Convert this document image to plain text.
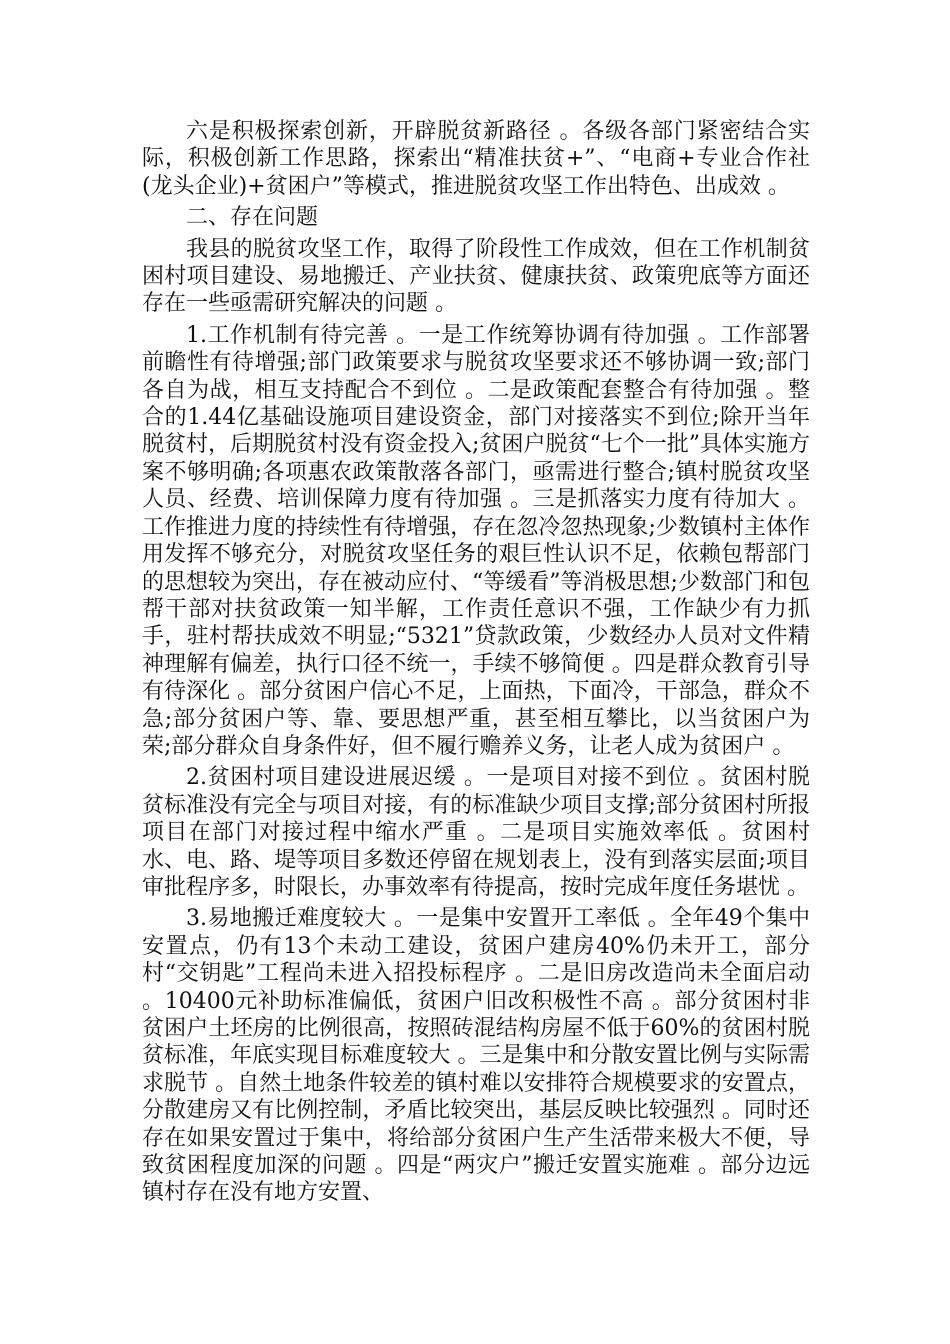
六是积极探索创新，开辟脱贫新路径 。各级各部门紧密结合实际，积极创新工作思路，探索出“精准扶贫+”、“电商+专业合作社(龙头企业)+贫困户”等模式，推进脱贫攻坚工作出特色、出成效 。

二、存在问题

我县的脱贫攻坚工作，取得了阶段性工作成效，但在工作机制贫困村项目建设、易地搬迁、产业扶贫、健康扶贫、政策兜底等方面还存在一些亟需研究解决的问题 。

1.工作机制有待完善 。一是工作统筹协调有待加强 。工作部署前瞻性有待增强;部门政策要求与脱贫攻坚要求还不够协调一致;部门各自为战，相互支持配合不到位 。二是政策配套整合有待加强 。整合的1.44亿基础设施项目建设资金，部门对接落实不到位;除开当年脱贫村，后期脱贫村没有资金投入;贫困户脱贫“七个一批”具体实施方案不够明确;各项惠农政策散落各部门，亟需进行整合;镇村脱贫攻坚人员、经费、培训保障力度有待加强 。三是抓落实力度有待加大 。工作推进力度的持续性有待增强，存在忽冷忽热现象;少数镇村主体作用发挥不够充分，对脱贫攻坚任务的艰巨性认识不足，依赖包帮部门的思想较为突出，存在被动应付、“等缓看”等消极思想;少数部门和包帮干部对扶贫政策一知半解，工作责任意识不强，工作缺少有力抓手，驻村帮扶成效不明显;“5321”贷款政策，少数经办人员对文件精神理解有偏差，执行口径不统一，手续不够简便 。四是群众教育引导有待深化 。部分贫困户信心不足，上面热，下面冷，干部急，群众不急;部分贫困户等、靠、要思想严重，甚至相互攀比，以当贫困户为荣;部分群众自身条件好，但不履行赡养义务，让老人成为贫困户 。

2.贫困村项目建设进展迟缓 。一是项目对接不到位 。贫困村脱贫标准没有完全与项目对接，有的标准缺少项目支撑;部分贫困村所报项目在部门对接过程中缩水严重 。二是项目实施效率低 。贫困村水、电、路、堤等项目多数还停留在规划表上，没有到落实层面;项目审批程序多，时限长，办事效率有待提高，按时完成年度任务堪忧 。

3.易地搬迁难度较大 。一是集中安置开工率低 。全年49个集中安置点，仍有13个未动工建设，贫困户建房40%仍未开工，部分村“交钥匙”工程尚未进入招投标程序 。二是旧房改造尚未全面启动 。10400元补助标准偏低，贫困户旧改积极性不高 。部分贫困村非贫困户土坯房的比例很高，按照砖混结构房屋不低于60%的贫困村脱贫标准，年底实现目标难度较大 。三是集中和分散安置比例与实际需求脱节 。自然土地条件较差的镇村难以安排符合规模要求的安置点，分散建房又有比例控制，矛盾比较突出，基层反映比较强烈 。同时还存在如果安置过于集中，将给部分贫困户生产生活带来极大不便，导致贫困程度加深的问题 。四是“两灾户”搬迁安置实施难 。部分边远镇村存在没有地方安置、
